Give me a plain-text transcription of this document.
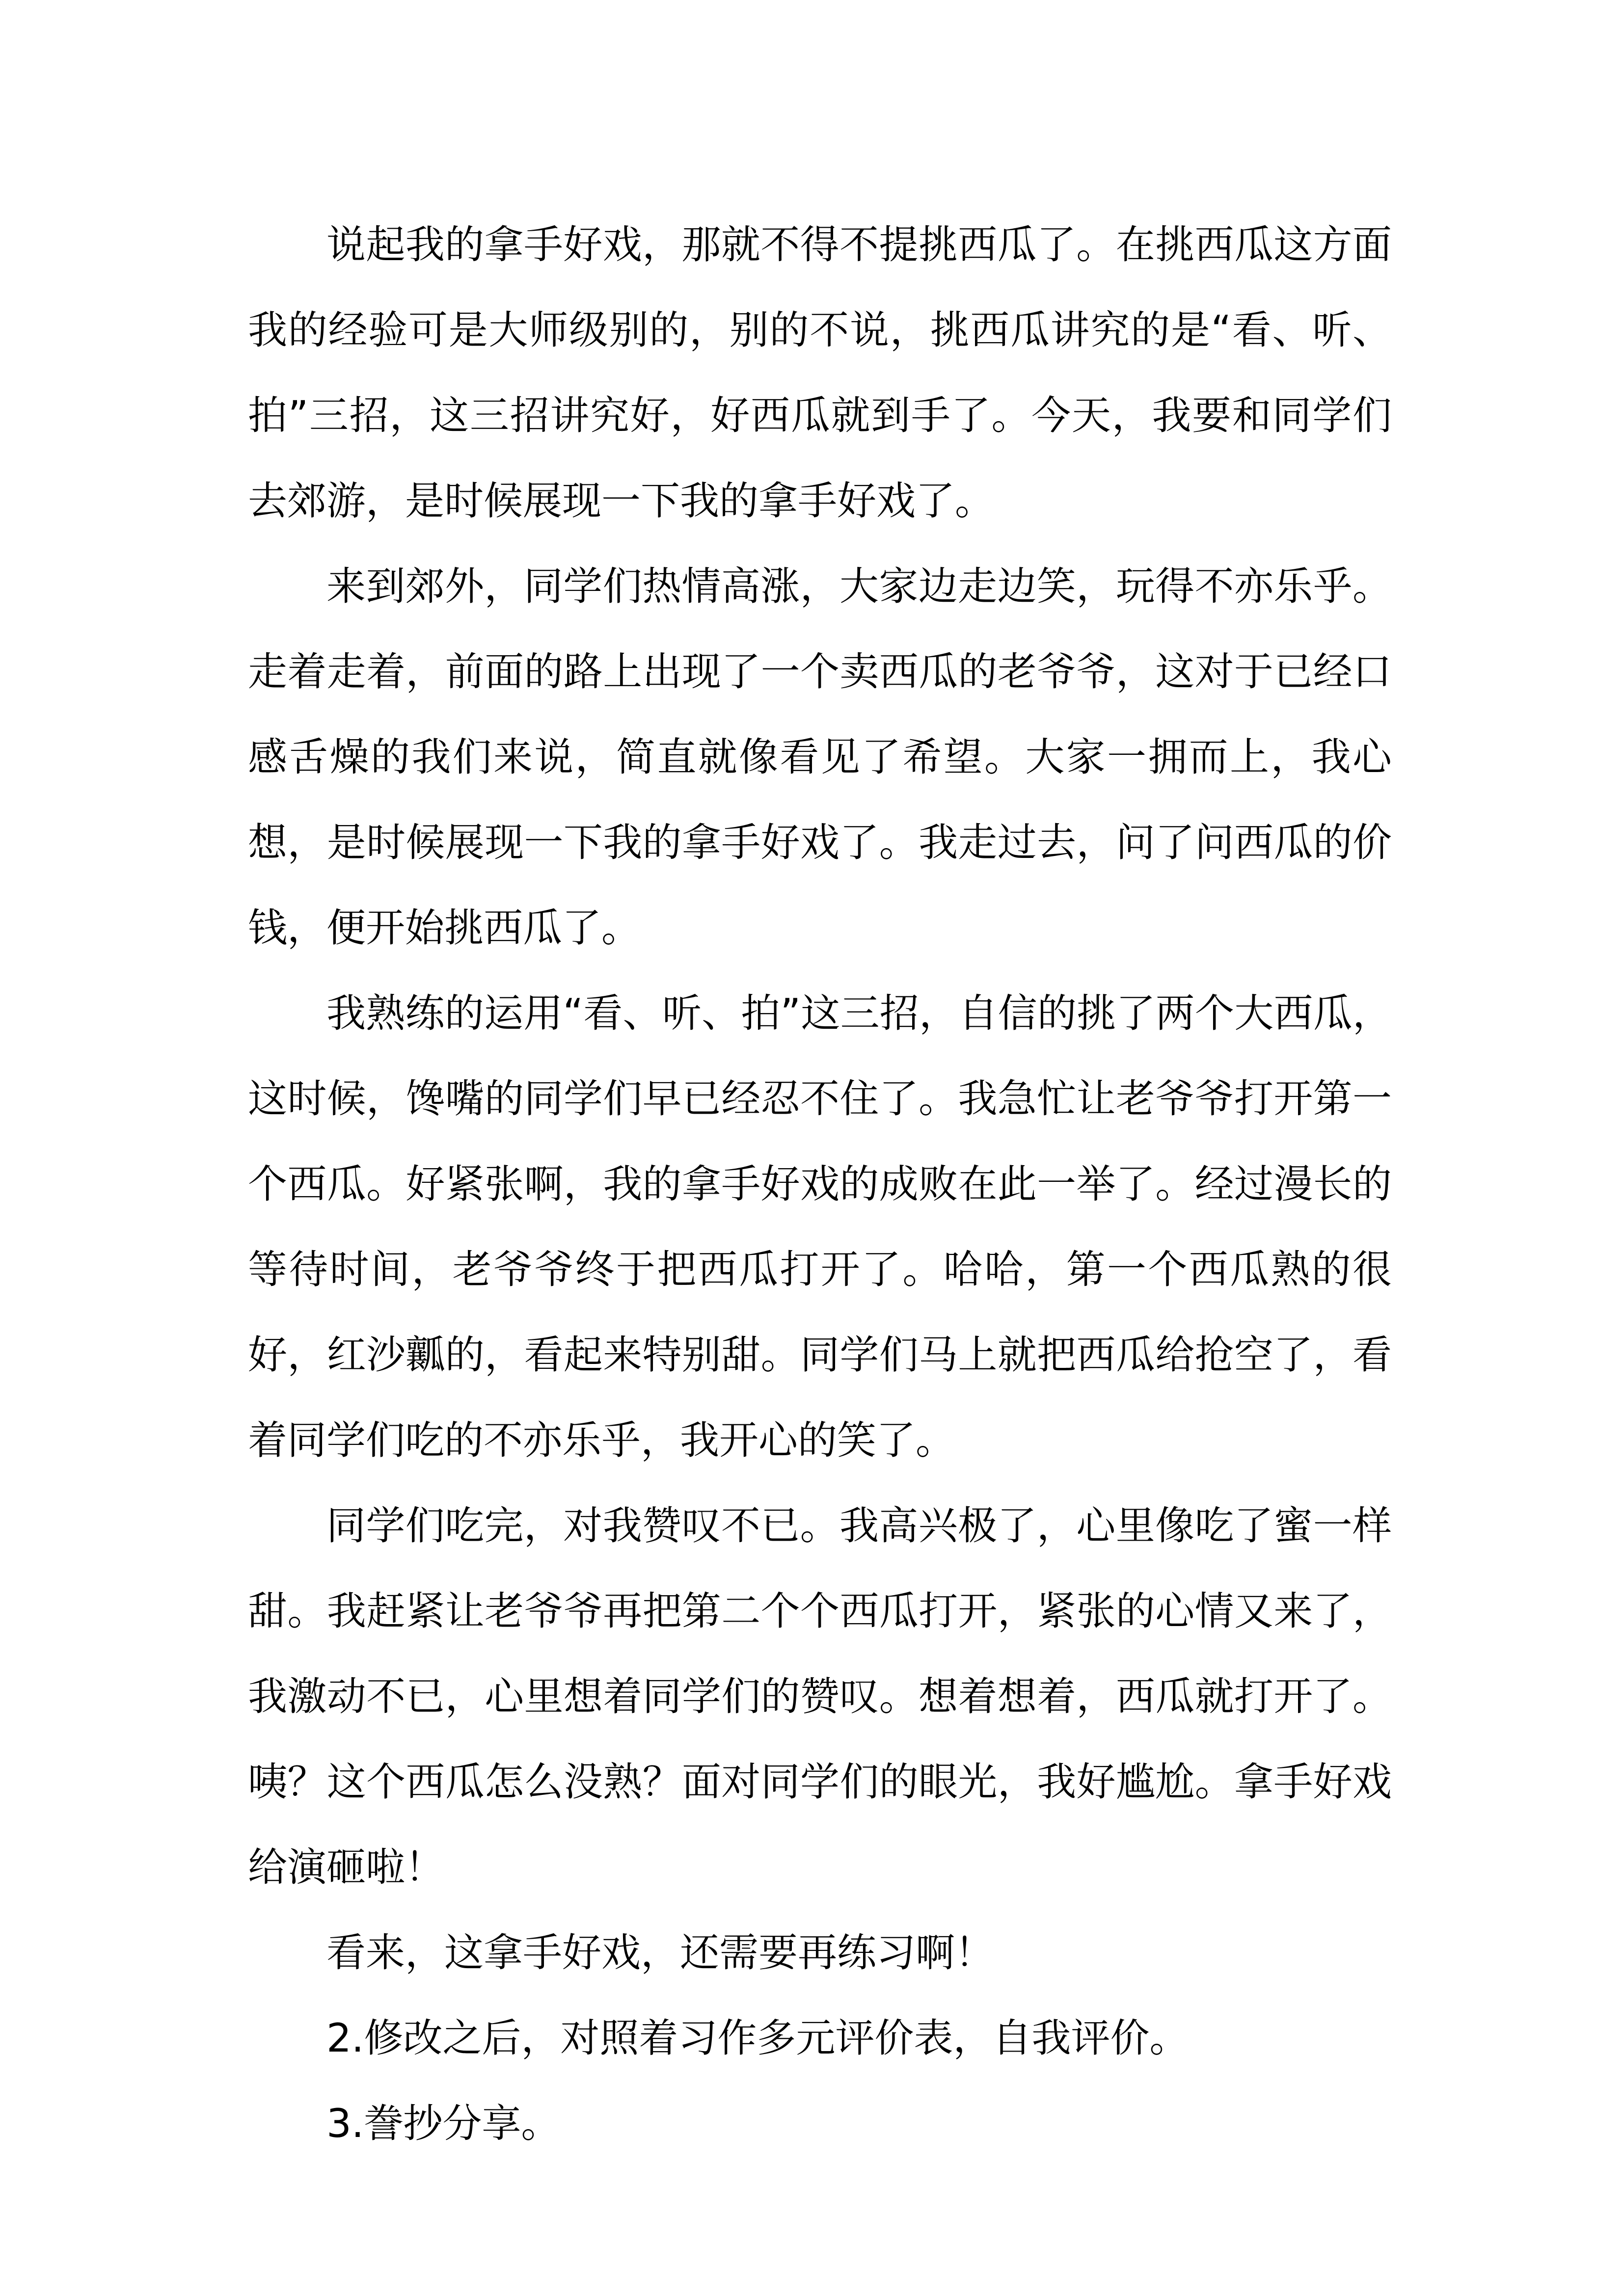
说起我的拿手好戏，那就不得不提挑西瓜了。在挑西瓜这方面我的经验可是大师级别的，别的不说，挑西瓜讲究的是“看、听、拍”三招，这三招讲究好，好西瓜就到手了。今天，我要和同学们去郊游，是时候展现一下我的拿手好戏了。

来到郊外，同学们热情高涨，大家边走边笑，玩得不亦乐乎。走着走着，前面的路上出现了一个卖西瓜的老爷爷，这对于已经口感舌燥的我们来说，简直就像看见了希望。大家一拥而上，我心想，是时候展现一下我的拿手好戏了。我走过去，问了问西瓜的价钱，便开始挑西瓜了。

我熟练的运用“看、听、拍”这三招，自信的挑了两个大西瓜，这时候，馋嘴的同学们早已经忍不住了。我急忙让老爷爷打开第一个西瓜。好紧张啊，我的拿手好戏的成败在此一举了。经过漫长的等待时间，老爷爷终于把西瓜打开了。哈哈，第一个西瓜熟的很好，红沙瓤的，看起来特别甜。同学们马上就把西瓜给抢空了，看着同学们吃的不亦乐乎，我开心的笑了。

同学们吃完，对我赞叹不已。我高兴极了，心里像吃了蜜一样甜。我赶紧让老爷爷再把第二个个西瓜打开，紧张的心情又来了，我激动不已，心里想着同学们的赞叹。想着想着，西瓜就打开了。咦？这个西瓜怎么没熟？面对同学们的眼光，我好尴尬。拿手好戏给演砸啦！

看来，这拿手好戏，还需要再练习啊！

2.修改之后，对照着习作多元评价表，自我评价。

3.誊抄分享。
